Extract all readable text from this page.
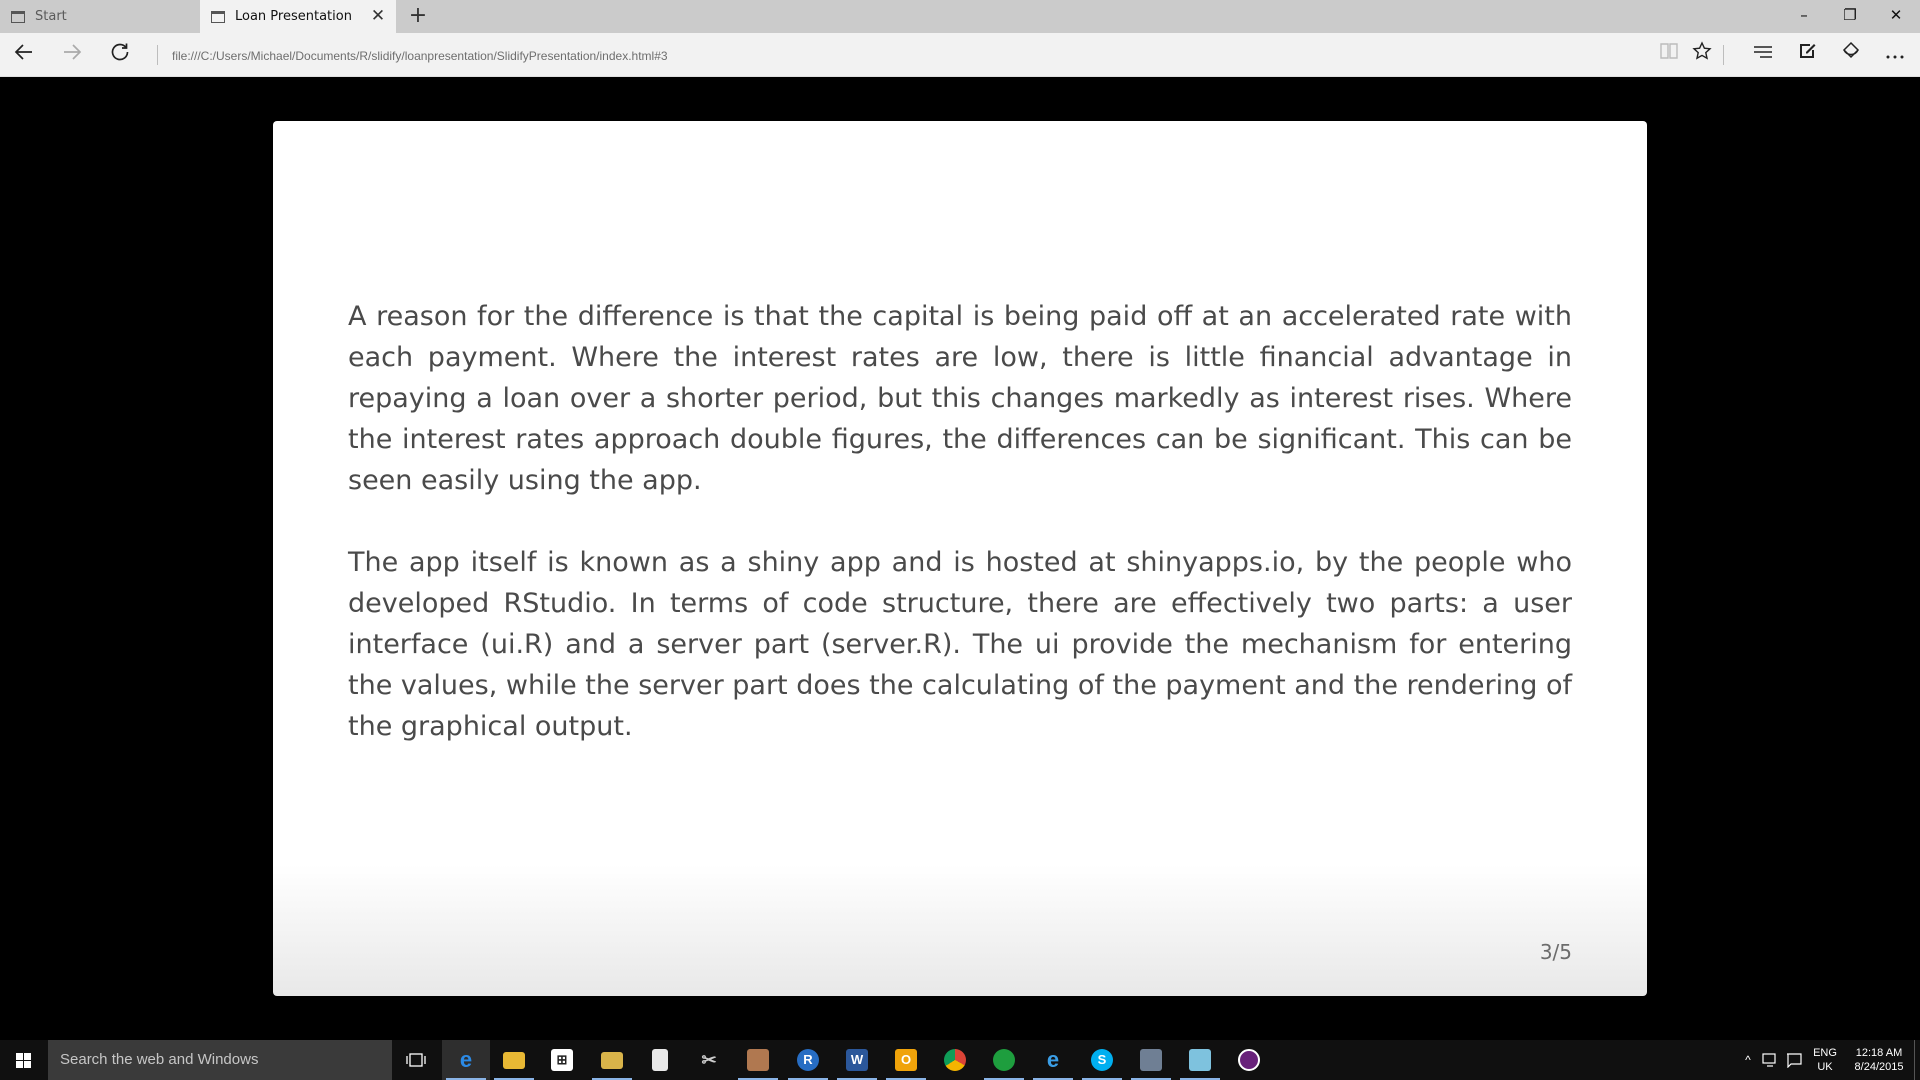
Start	Loan Presentation ✕ +	–	❐	✕
file:///C:/Users/Michael/Documents/R/slidify/loanpresentation/SlidifyPresentation/index.html#3

A reason for the difference is that the capital is being paid off at an accelerated rate with each payment. Where the interest rates are low, there is little financial advantage in repaying a loan over a shorter period, but this changes markedly as interest rises. Where the interest rates approach double figures, the differences can be significant. This can be seen easily using the app.

The app itself is known as a shiny app and is hosted at shinyapps.io, by the people who developed RStudio. In terms of code structure, there are effectively two parts: a user interface (ui.R) and a server part (server.R). The ui provide the mechanism for entering the values, while the server part does the calculating of the payment and the rendering of the graphical output.

3/5
Search the web and Windows	e	⊞	✂	R	W	O	e	S	^	ENG
UK
12:18 AM
8/24/2015
